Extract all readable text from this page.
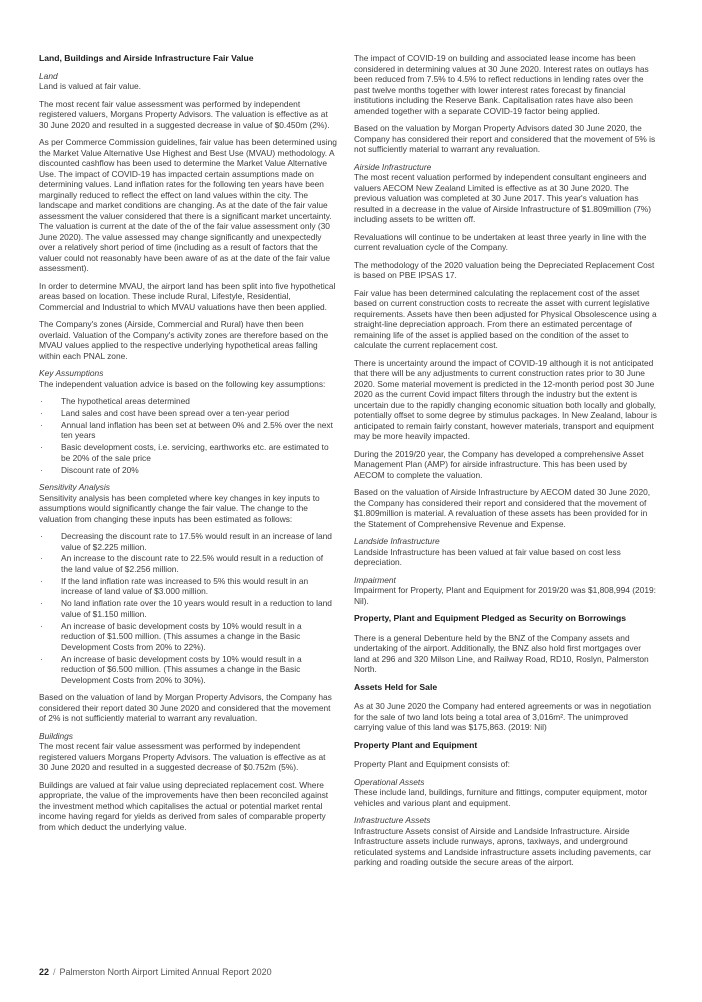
Land, Buildings and Airside Infrastructure Fair Value

Land

Land is valued at fair value.

The most recent fair value assessment was performed by independent registered valuers, Morgans Property Advisors. The valuation is effective as at 30 June 2020 and resulted in a suggested decrease in value of $0.450m (2%).

As per Commerce Commission guidelines, fair value has been determined using the Market Value Alternative Use Highest and Best Use (MVAU) methodology. A discounted cashflow has been used to determine the Market Value Alternative Use. The impact of COVID-19 has impacted certain assumptions made on determining values. Land inflation rates for the following ten years have been marginally reduced to reflect the effect on land values within the city. The landscape and market conditions are changing. As at the date of the fair value assessment the valuer considered that there is a significant market uncertainty. The valuation is current at the date of the of the fair value assessment only (30 June 2020). The value assessed may change significantly and unexpectedly over a relatively short period of time (including as a result of factors that the valuer could not reasonably have been aware of as at the date of the fair value assessment).

In order to determine MVAU, the airport land has been split into five hypothetical areas based on location. These include Rural, Lifestyle, Residential, Commercial and Industrial to which MVAU valuations have then been applied.

The Company's zones (Airside, Commercial and Rural) have then been overlaid. Valuation of the Company's activity zones are therefore based on the MVAU values applied to the respective underlying hypothetical areas falling within each PNAL zone.

Key Assumptions

The independent valuation advice is based on the following key assumptions:

· The hypothetical areas determined
· Land sales and cost have been spread over a ten-year period
· Annual land inflation has been set at between 0% and 2.5% over the next ten years
· Basic development costs, i.e. servicing, earthworks etc. are estimated to be 20% of the sale price
· Discount rate of 20%

Sensitivity Analysis

Sensitivity analysis has been completed where key changes in key inputs to assumptions would significantly change the fair value. The change to the valuation from changing these inputs has been estimated as follows:

· Decreasing the discount rate to 17.5% would result in an increase of land value of $2.225 million.
· An increase to the discount rate to 22.5% would result in a reduction of the land value of $2.256 million.
· If the land inflation rate was increased to 5% this would result in an increase of land value of $3.000 million.
· No land inflation rate over the 10 years would result in a reduction to land value of $1.150 million.
· An increase of basic development costs by 10% would result in a reduction of $1.500 million. (This assumes a change in the Basic Development Costs from 20% to 22%).
· An increase of basic development costs by 10% would result in a reduction of $6.500 million. (This assumes a change in the Basic Development Costs from 20% to 30%).

Based on the valuation of land by Morgan Property Advisors, the Company has considered their report dated 30 June 2020 and considered that the movement of 2% is not sufficiently material to warrant any revaluation.

Buildings

The most recent fair value assessment was performed by independent registered valuers Morgans Property Advisors. The valuation is effective as at 30 June 2020 and resulted in a suggested decrease of $0.752m (5%).

Buildings are valued at fair value using depreciated replacement cost. Where appropriate, the value of the improvements have then been reconciled against the investment method which capitalises the actual or potential market rental income having regard for yields as derived from sales of comparable property from which deduct the underlying value.

The impact of COVID-19 on building and associated lease income has been considered in determining values at 30 June 2020. Interest rates on outlays has been reduced from 7.5% to 4.5% to reflect reductions in lending rates over the past twelve months together with lower interest rates forecast by financial institutions including the Reserve Bank. Capitalisation rates have also been amended together with a separate COVID-19 factor being applied.

Based on the valuation by Morgan Property Advisors dated 30 June 2020, the Company has considered their report and considered that the movement of 5% is not sufficiently material to warrant any revaluation.

Airside Infrastructure

The most recent valuation performed by independent consultant engineers and valuers AECOM New Zealand Limited is effective as at 30 June 2020. The previous valuation was completed at 30 June 2017. This year's valuation has resulted in a decrease in the value of Airside Infrastructure of $1.809million (7%) including assets to be written off.

Revaluations will continue to be undertaken at least three yearly in line with the current revaluation cycle of the Company.

The methodology of the 2020 valuation being the Depreciated Replacement Cost is based on PBE IPSAS 17.

Fair value has been determined calculating the replacement cost of the asset based on current construction costs to recreate the asset with current legislative requirements. Assets have then been adjusted for Physical Obsolescence using a straight-line depreciation approach. From there an estimated percentage of remaining life of the asset is applied based on the condition of the asset to calculate the current replacement cost.

There is uncertainty around the impact of COVID-19 although it is not anticipated that there will be any adjustments to current construction rates prior to 30 June 2020. Some material movement is predicted in the 12-month period post 30 June 2020 as the current Covid impact filters through the industry but the extent is uncertain due to the rapidly changing economic situation both locally and globally, potentially offset to some degree by stimulus packages. In New Zealand, labour is anticipated to remain fairly constant, however materials, transport and equipment may be more heavily impacted.

During the 2019/20 year, the Company has developed a comprehensive Asset Management Plan (AMP) for airside infrastructure. This has been used by AECOM to complete the valuation.

Based on the valuation of Airside Infrastructure by AECOM dated 30 June 2020, the Company has considered their report and considered that the movement of $1.809million is material. A revaluation of these assets has been provided for in the Statement of Comprehensive Revenue and Expense.

Landside Infrastructure

Landside Infrastructure has been valued at fair value based on cost less depreciation.

Impairment

Impairment for Property, Plant and Equipment for 2019/20 was $1,808,994 (2019: Nil).

Property, Plant and Equipment Pledged as Security on Borrowings

There is a general Debenture held by the BNZ of the Company assets and undertaking of the airport. Additionally, the BNZ also hold first mortgages over land at 296 and 320 Milson Line, and Railway Road, RD10, Roslyn, Palmerston North.

Assets Held for Sale

As at 30 June 2020 the Company had entered agreements or was in negotiation for the sale of two land lots being a total area of 3,016m². The unimproved carrying value of this land was $175,863. (2019: Nil)

Property Plant and Equipment

Property Plant and Equipment consists of:

Operational Assets

These include land, buildings, furniture and fittings, computer equipment, motor vehicles and various plant and equipment.

Infrastructure Assets

Infrastructure Assets consist of Airside and Landside Infrastructure. Airside Infrastructure assets include runways, aprons, taxiways, and underground reticulated systems and Landside infrastructure assets including pavements, car parking and roading outside the secure areas of the airport.

22 / Palmerston North Airport Limited Annual Report 2020
